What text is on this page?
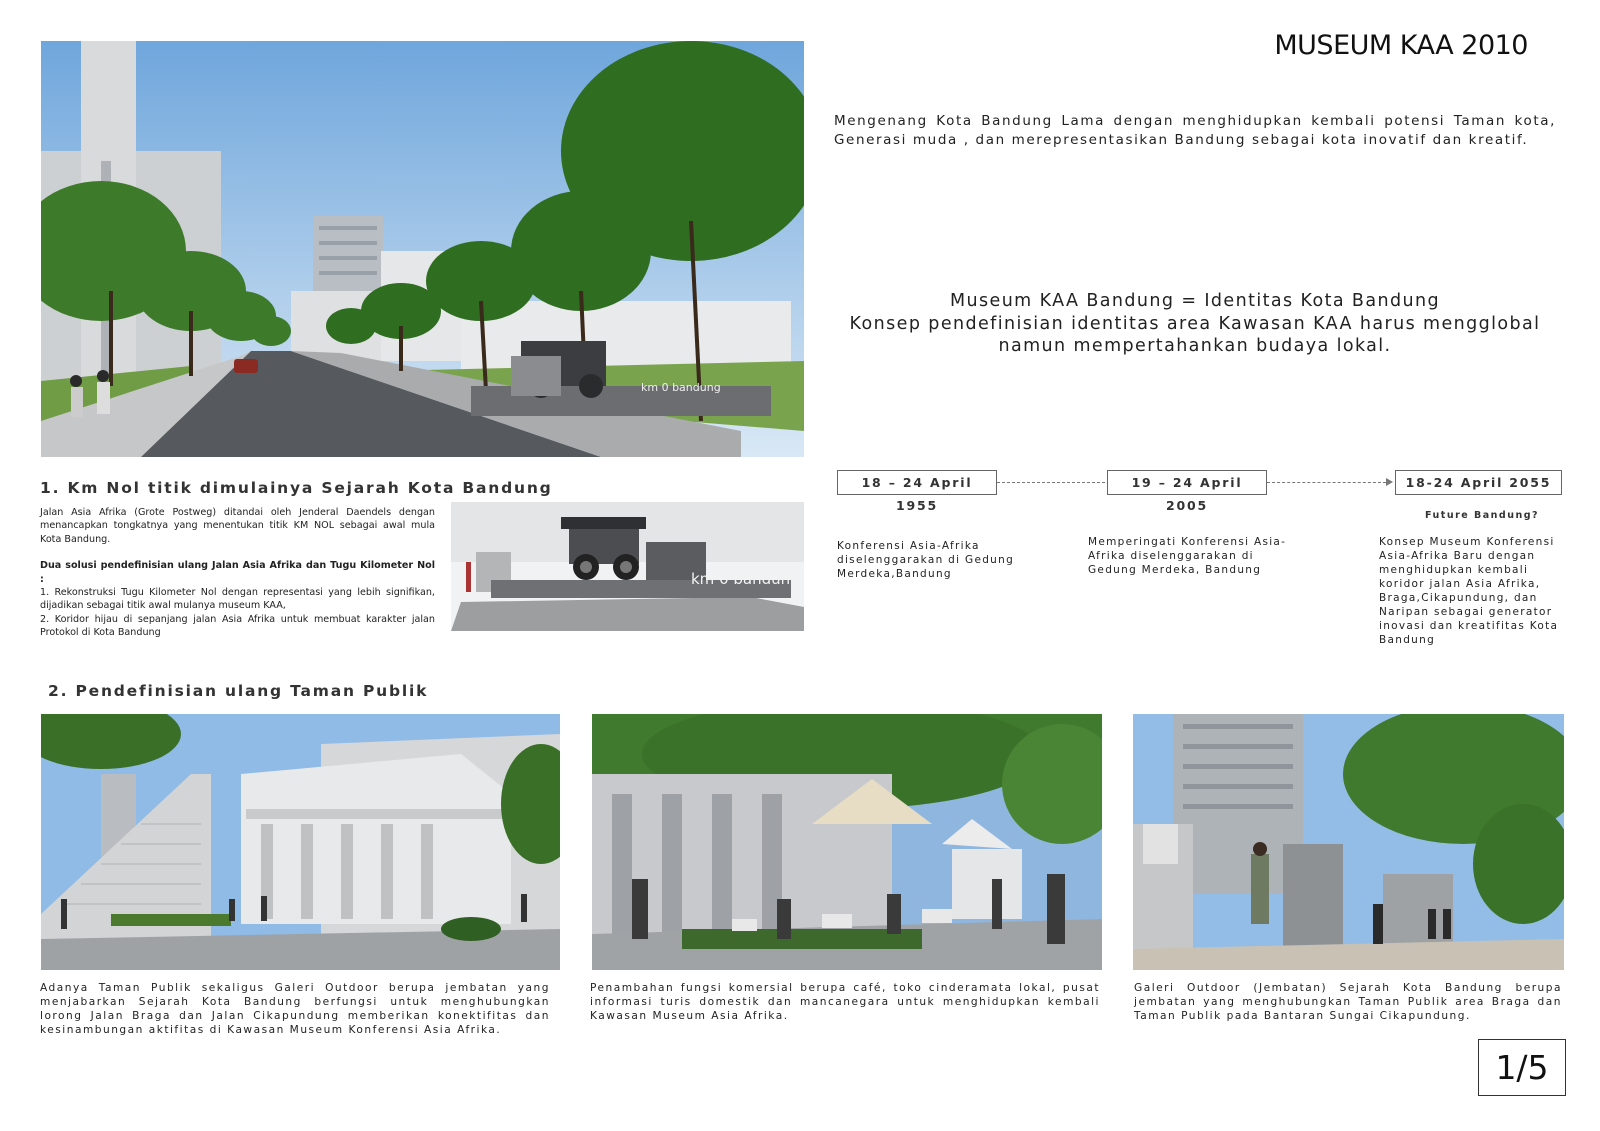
km 0 bandung
MUSEUM KAA 2010
Mengenang Kota Bandung Lama dengan menghidupkan kembali potensi Taman kota, Generasi muda , dan merepresentasikan Bandung sebagai kota inovatif dan kreatif.
Museum KAA Bandung = Identitas Kota Bandung
Konsep pendefinisian identitas area Kawasan KAA harus mengglobal
namun mempertahankan budaya lokal.
18 – 24 April 1955
19 – 24 April 2005
18-24 April 2055
Future Bandung?
Konferensi Asia-Afrika diselenggarakan di Gedung Merdeka,Bandung
Memperingati Konferensi Asia-Afrika diselenggarakan di Gedung Merdeka, Bandung
Konsep Museum Konferensi Asia-Afrika Baru dengan menghidupkan kembali koridor jalan Asia Afrika, Braga,Cikapundung, dan Naripan sebagai generator inovasi dan kreatifitas Kota Bandung
1. Km Nol titik dimulainya Sejarah Kota Bandung
Jalan Asia Afrika (Grote Postweg) ditandai oleh Jenderal Daendels dengan menancapkan tongkatnya yang menentukan titik KM NOL sebagai awal mula Kota Bandung.
Dua solusi pendefinisian ulang Jalan Asia Afrika dan Tugu Kilometer Nol :
1. Rekonstruksi Tugu Kilometer Nol dengan representasi yang lebih signifikan, dijadikan sebagai titik awal mulanya museum KAA,
2. Koridor hijau di sepanjang jalan Asia Afrika untuk membuat karakter jalan Protokol di Kota Bandung
km 0 bandung
2. Pendefinisian ulang Taman Publik
Adanya Taman Publik sekaligus Galeri Outdoor berupa jembatan yang menjabarkan Sejarah Kota Bandung berfungsi untuk menghubungkan lorong Jalan Braga dan Jalan Cikapundung memberikan konektifitas dan kesinambungan aktifitas di Kawasan Museum Konferensi Asia Afrika.
Penambahan fungsi komersial berupa café, toko cinderamata lokal, pusat informasi turis domestik dan mancanegara untuk menghidupkan kembali Kawasan Museum Asia Afrika.
Galeri Outdoor (Jembatan) Sejarah Kota Bandung berupa jembatan yang menghubungkan Taman Publik area Braga dan Taman Publik pada Bantaran Sungai Cikapundung.
1/5
